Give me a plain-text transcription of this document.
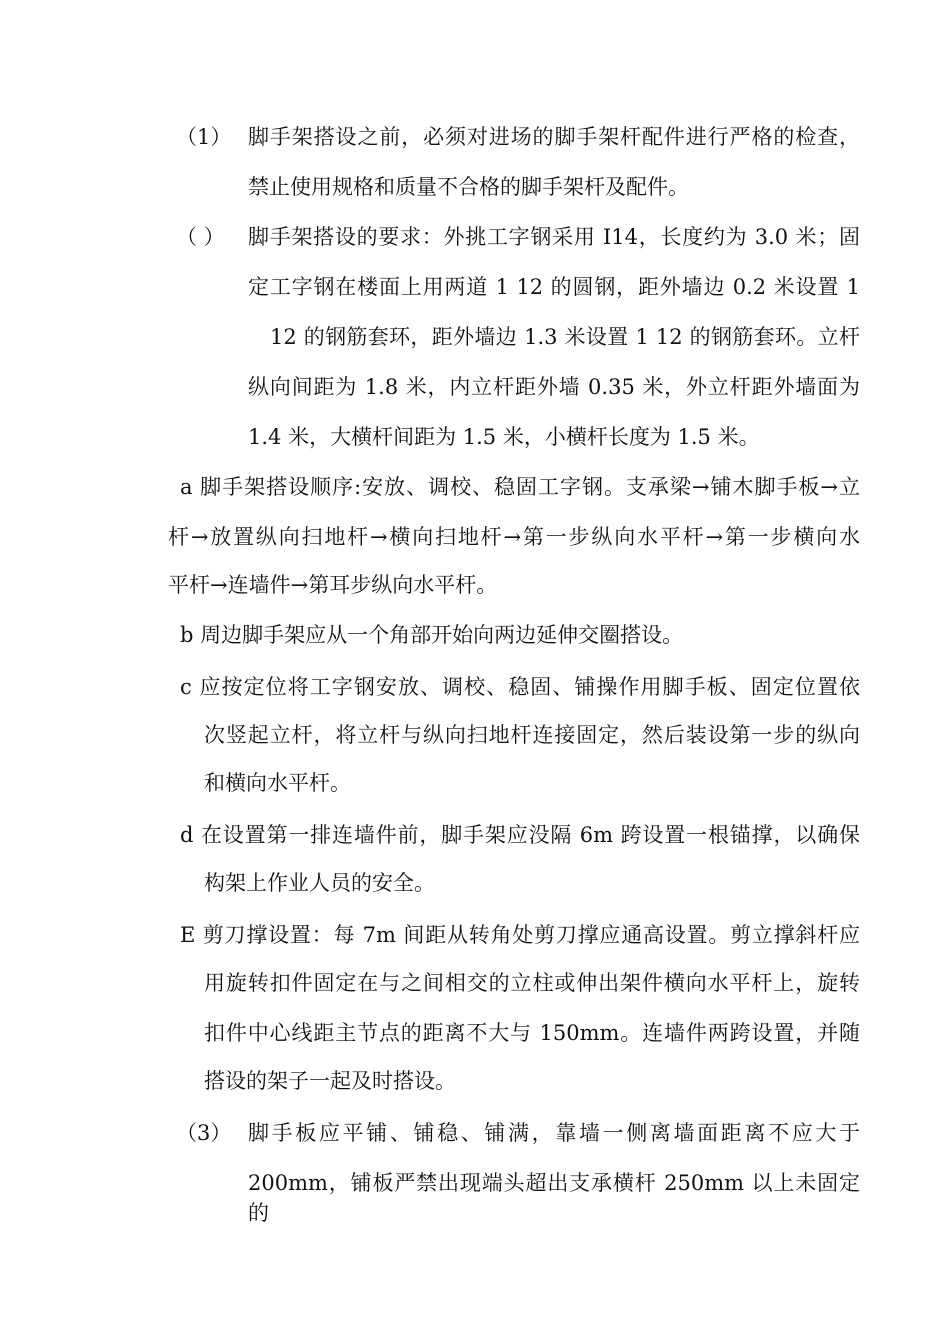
（1） 脚手架搭设之前，必须对进场的脚手架杆配件进行严格的检查，
禁止使用规格和质量不合格的脚手架杆及配件。
（ ） 脚手架搭设的要求：外挑工字钢采用 I14，长度约为 3.0 米；固
定工字钢在楼面上用两道 1 12 的圆钢，距外墙边 0.2 米设置 1
12 的钢筋套环，距外墙边 1.3 米设置 1 12 的钢筋套环。立杆
纵向间距为 1.8 米，内立杆距外墙 0.35 米，外立杆距外墙面为
1.4 米，大横杆间距为 1.5 米，小横杆长度为 1.5 米。
a 脚手架搭设顺序:安放、调校、稳固工字钢。支承梁→铺木脚手板→立
杆→放置纵向扫地杆→横向扫地杆→第一步纵向水平杆→第一步横向水
平杆→连墙件→第耳步纵向水平杆。
b 周边脚手架应从一个角部开始向两边延伸交圈搭设。
c 应按定位将工字钢安放、调校、稳固、铺操作用脚手板、固定位置依
次竖起立杆，将立杆与纵向扫地杆连接固定，然后装设第一步的纵向
和横向水平杆。
d 在设置第一排连墙件前，脚手架应没隔 6m 跨设置一根锚撑，以确保
构架上作业人员的安全。
E 剪刀撑设置：每 7m 间距从转角处剪刀撑应通高设置。剪立撑斜杆应
用旋转扣件固定在与之间相交的立柱或伸出架件横向水平杆上，旋转
扣件中心线距主节点的距离不大与 150mm。连墙件两跨设置，并随
搭设的架子一起及时搭设。
（3） 脚手板应平铺、铺稳、铺满，靠墙一侧离墙面距离不应大于
200mm，铺板严禁出现端头超出支承横杆 250mm 以上未固定的
